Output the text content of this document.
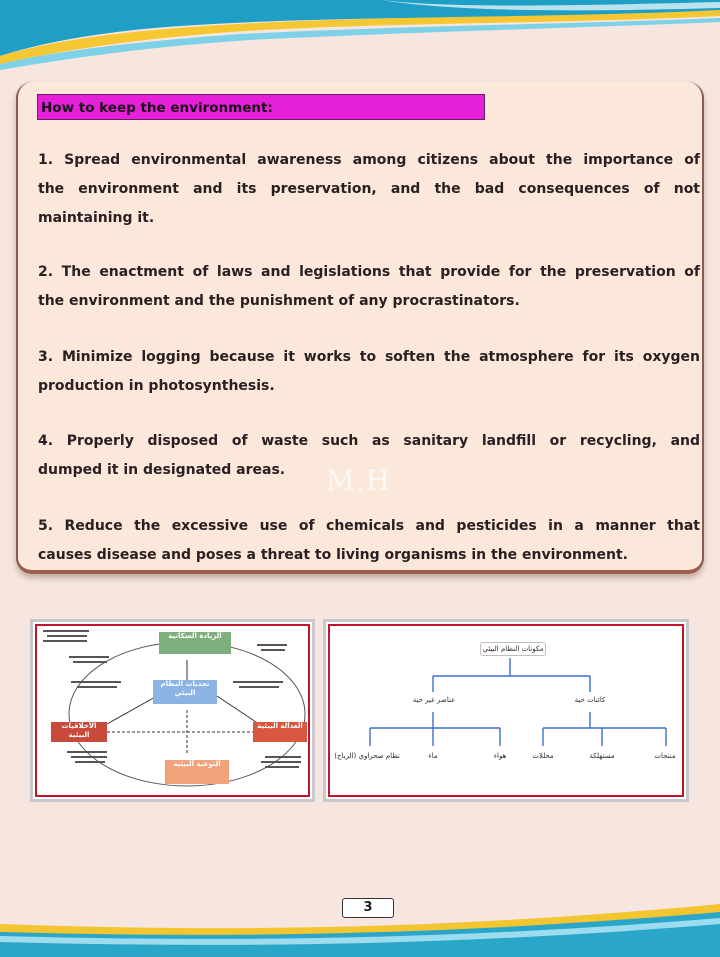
How to keep the environment:
1. Spread environmental awareness among citizens about the importance of
the environment and its preservation, and the bad consequences of not
maintaining it.
2. The enactment of laws and legislations that provide for the preservation of
the environment and the punishment of any procrastinators.
3. Minimize logging because it works to soften the atmosphere for its oxygen
production in photosynthesis.
4. Properly disposed of waste such as sanitary landfill or recycling, and
dumped it in designated areas.
5. Reduce the excessive use of chemicals and pesticides in a manner that
causes disease and poses a threat to living organisms in the environment.
M.H
الزيادة السكانية
تحديات النظام البيئي
الأخلاقيات البيئية
العدالة البيئية
التوعية البيئية
مكونات النظام البيئي
عناصر غير حية	كائنات حية
نظام صحراوي (الرياح)	ماء	هواء	محللات	مستهلكة	منتجات
3
